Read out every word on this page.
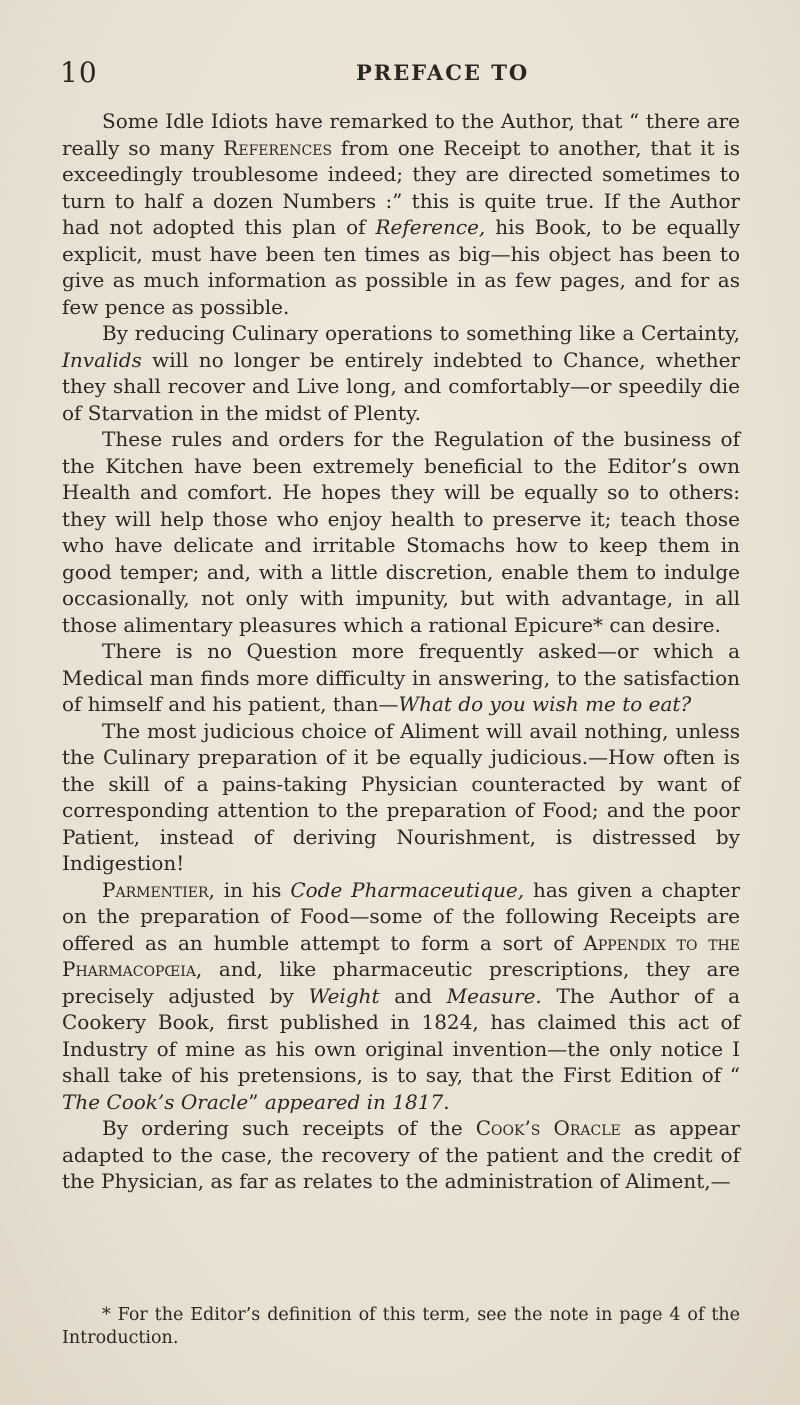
10	PREFACE TO

Some Idle Idiots have remarked to the Author, that “ there are really so many References from one Receipt to another, that it is exceedingly troublesome indeed; they are directed sometimes to turn to half a dozen Numbers :” this is quite true. If the Author had not adopted this plan of Reference, his Book, to be equally explicit, must have been ten times as big—his object has been to give as much information as possible in as few pages, and for as few pence as possible.

By reducing Culinary operations to something like a Certainty, Invalids will no longer be entirely indebted to Chance, whether they shall recover and Live long, and comfortably—or speedily die of Starvation in the midst of Plenty.

These rules and orders for the Regulation of the business of the Kitchen have been extremely beneficial to the Editor’s own Health and comfort. He hopes they will be equally so to others: they will help those who enjoy health to preserve it; teach those who have delicate and irritable Stomachs how to keep them in good temper; and, with a little discretion, enable them to indulge occasionally, not only with impunity, but with advantage, in all those alimentary pleasures which a rational Epicure* can desire.

There is no Question more frequently asked—or which a Medical man finds more difficulty in answering, to the satisfaction of himself and his patient, than—What do you wish me to eat?

The most judicious choice of Aliment will avail nothing, unless the Culinary preparation of it be equally judicious.—How often is the skill of a pains-taking Physician counteracted by want of corresponding attention to the preparation of Food; and the poor Patient, instead of deriving Nourishment, is distressed by Indigestion!

Parmentier, in his Code Pharmaceutique, has given a chapter on the preparation of Food—some of the following Receipts are offered as an humble attempt to form a sort of Appendix to the Pharmacopœia, and, like pharmaceutic prescriptions, they are precisely adjusted by Weight and Measure. The Author of a Cookery Book, first published in 1824, has claimed this act of Industry of mine as his own original invention—the only notice I shall take of his pretensions, is to say, that the First Edition of “ The Cook’s Oracle” appeared in 1817.

By ordering such receipts of the Cook’s Oracle as appear adapted to the case, the recovery of the patient and the credit of the Physician, as far as relates to the administration of Aliment,—

* For the Editor’s definition of this term, see the note in page 4 of the Introduction.
